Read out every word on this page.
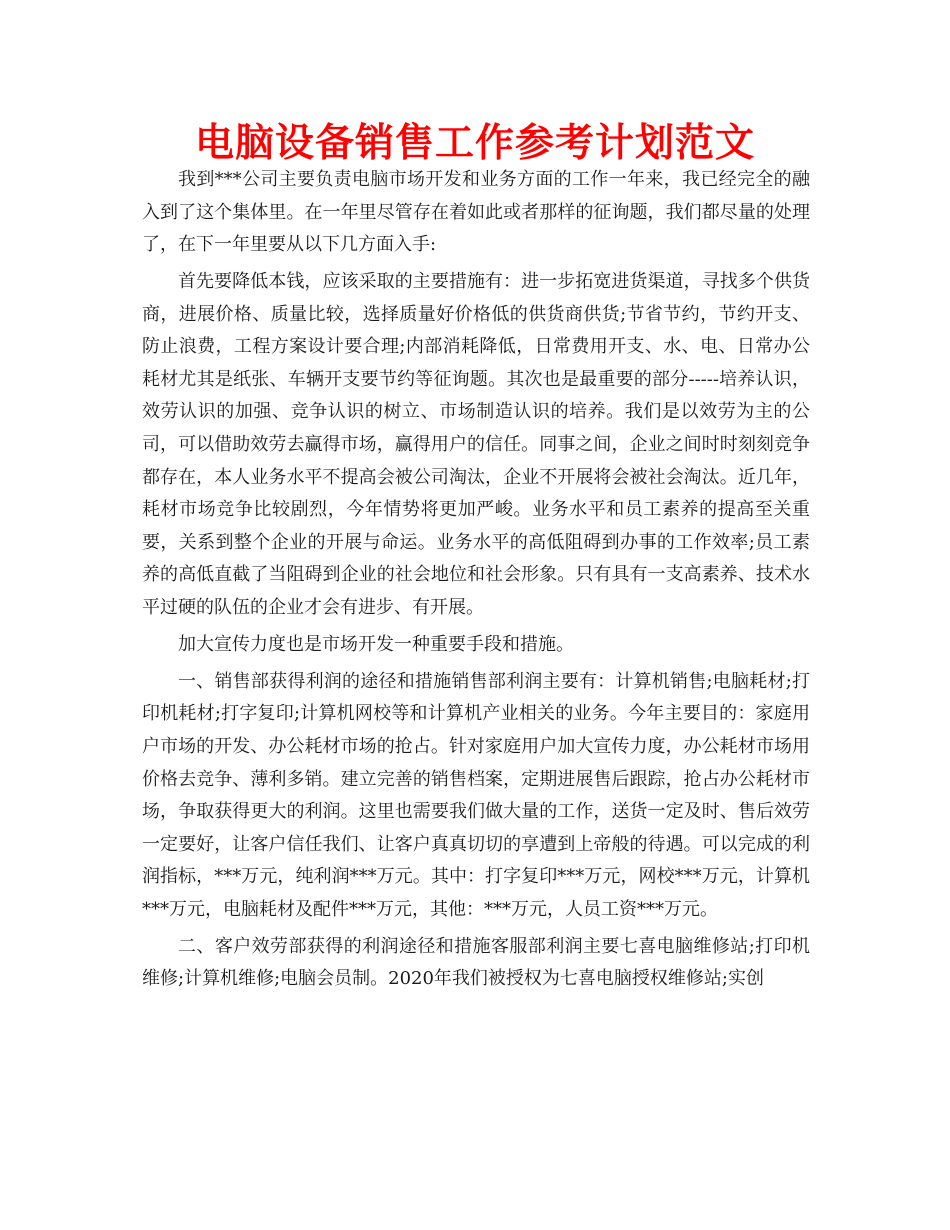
电脑设备销售工作参考计划范文

我到***公司主要负责电脑市场开发和业务方面的工作一年来，我已经完全的融入到了这个集体里。在一年里尽管存在着如此或者那样的征询题，我们都尽量的处理了，在下一年里要从以下几方面入手:

首先要降低本钱，应该采取的主要措施有：进一步拓宽进货渠道，寻找多个供货商，进展价格、质量比较，选择质量好价格低的供货商供货;节省节约，节约开支、防止浪费，工程方案设计要合理;内部消耗降低，日常费用开支、水、电、日常办公耗材尤其是纸张、车辆开支要节约等征询题。其次也是最重要的部分-----培养认识，效劳认识的加强、竞争认识的树立、市场制造认识的培养。我们是以效劳为主的公司，可以借助效劳去赢得市场，赢得用户的信任。同事之间，企业之间时时刻刻竞争都存在，本人业务水平不提高会被公司淘汰，企业不开展将会被社会淘汰。近几年，耗材市场竞争比较剧烈，今年情势将更加严峻。业务水平和员工素养的提高至关重要，关系到整个企业的开展与命运。业务水平的高低阻碍到办事的工作效率;员工素养的高低直截了当阻碍到企业的社会地位和社会形象。只有具有一支高素养、技术水平过硬的队伍的企业才会有进步、有开展。

加大宣传力度也是市场开发一种重要手段和措施。

一、销售部获得利润的途径和措施销售部利润主要有：计算机销售;电脑耗材;打印机耗材;打字复印;计算机网校等和计算机产业相关的业务。今年主要目的：家庭用户市场的开发、办公耗材市场的抢占。针对家庭用户加大宣传力度，办公耗材市场用价格去竞争、薄利多销。建立完善的销售档案，定期进展售后跟踪，抢占办公耗材市场，争取获得更大的利润。这里也需要我们做大量的工作，送货一定及时、售后效劳一定要好，让客户信任我们、让客户真真切切的享遭到上帝般的待遇。可以完成的利润指标，***万元，纯利润***万元。其中：打字复印***万元，网校***万元，计算机***万元，电脑耗材及配件***万元，其他：***万元，人员工资***万元。

二、客户效劳部获得的利润途径和措施客服部利润主要七喜电脑维修站;打印机维修;计算机维修;电脑会员制。2020年我们被授权为七喜电脑授权维修站;实创
